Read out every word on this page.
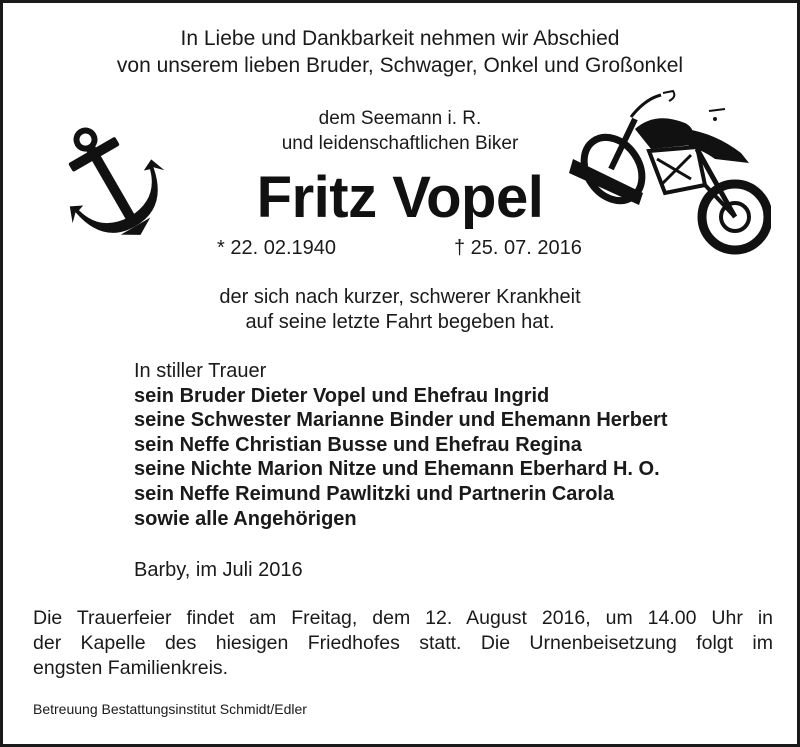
In Liebe und Dankbarkeit nehmen wir Abschied
von unserem lieben Bruder, Schwager, Onkel und Großonkel
dem Seemann i. R.
und leidenschaftlichen Biker
Fritz Vopel
* 22. 02.1940	† 25. 07. 2016
der sich nach kurzer, schwerer Krankheit
auf seine letzte Fahrt begeben hat.
In stiller Trauer
sein Bruder Dieter Vopel und Ehefrau Ingrid
seine Schwester Marianne Binder und Ehemann Herbert
sein Neffe Christian Busse und Ehefrau Regina
seine Nichte Marion Nitze und Ehemann Eberhard H. O.
sein Neffe Reimund Pawlitzki und Partnerin Carola
sowie alle Angehörigen
Barby, im Juli 2016
Die Trauerfeier findet am Freitag, dem 12. August 2016, um 14.00 Uhr in
der Kapelle des hiesigen Friedhofes statt. Die Urnenbeisetzung folgt im
engsten Familienkreis.
Betreuung Bestattungsinstitut Schmidt/Edler
